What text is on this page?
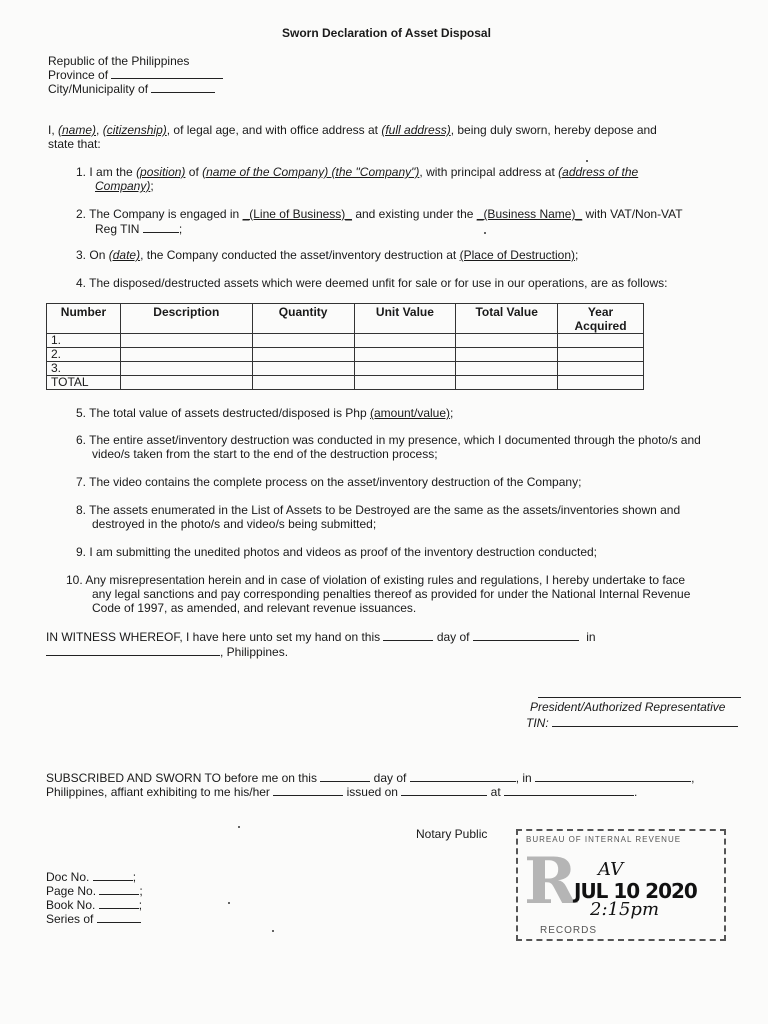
Sworn Declaration of Asset Disposal
Republic of the Philippines
Province of
City/Municipality of
I, (name), (citizenship), of legal age, and with office address at (full address), being duly sworn, hereby depose and
state that:
1. I am the (position) of (name of the Company) (the "Company"), with principal address at (address of the
Company);
2. The Company is engaged in _(Line of Business)_ and existing under the _(Business Name)_ with VAT/Non-VAT
Reg TIN	;
3. On (date), the Company conducted the asset/inventory destruction at (Place of Destruction);
4. The disposed/destructed assets which were deemed unfit for sale or for use in our operations, are as follows:
Number	Description	Quantity	Unit Value	Total Value	Year Acquired
1.					
2.					
3.					
TOTAL					
5. The total value of assets destructed/disposed is Php (amount/value);
6. The entire asset/inventory destruction was conducted in my presence, which I documented through the photo/s and
video/s taken from the start to the end of the destruction process;
7. The video contains the complete process on the asset/inventory destruction of the Company;
8. The assets enumerated in the List of Assets to be Destroyed are the same as the assets/inventories shown and
destroyed in the photo/s and video/s being submitted;
9. I am submitting the unedited photos and videos as proof of the inventory destruction conducted;
10. Any misrepresentation herein and in case of violation of existing rules and regulations, I hereby undertake to face
any legal sanctions and pay corresponding penalties thereof as provided for under the National Internal Revenue
Code of 1997, as amended, and relevant revenue issuances.
IN WITNESS WHEREOF, I have here unto set my hand on this	day of	in
, Philippines.
President/Authorized Representative
TIN:
SUBSCRIBED AND SWORN TO before me on this	day of	, in	,
Philippines, affiant exhibiting to me his/her	issued on	at	.
Notary Public
Doc No.	;
Page No.	;
Book No.	;
Series of
BUREAU OF INTERNAL REVENUE
R AV
JUL 10 2020
2:15pm
RECORDS
